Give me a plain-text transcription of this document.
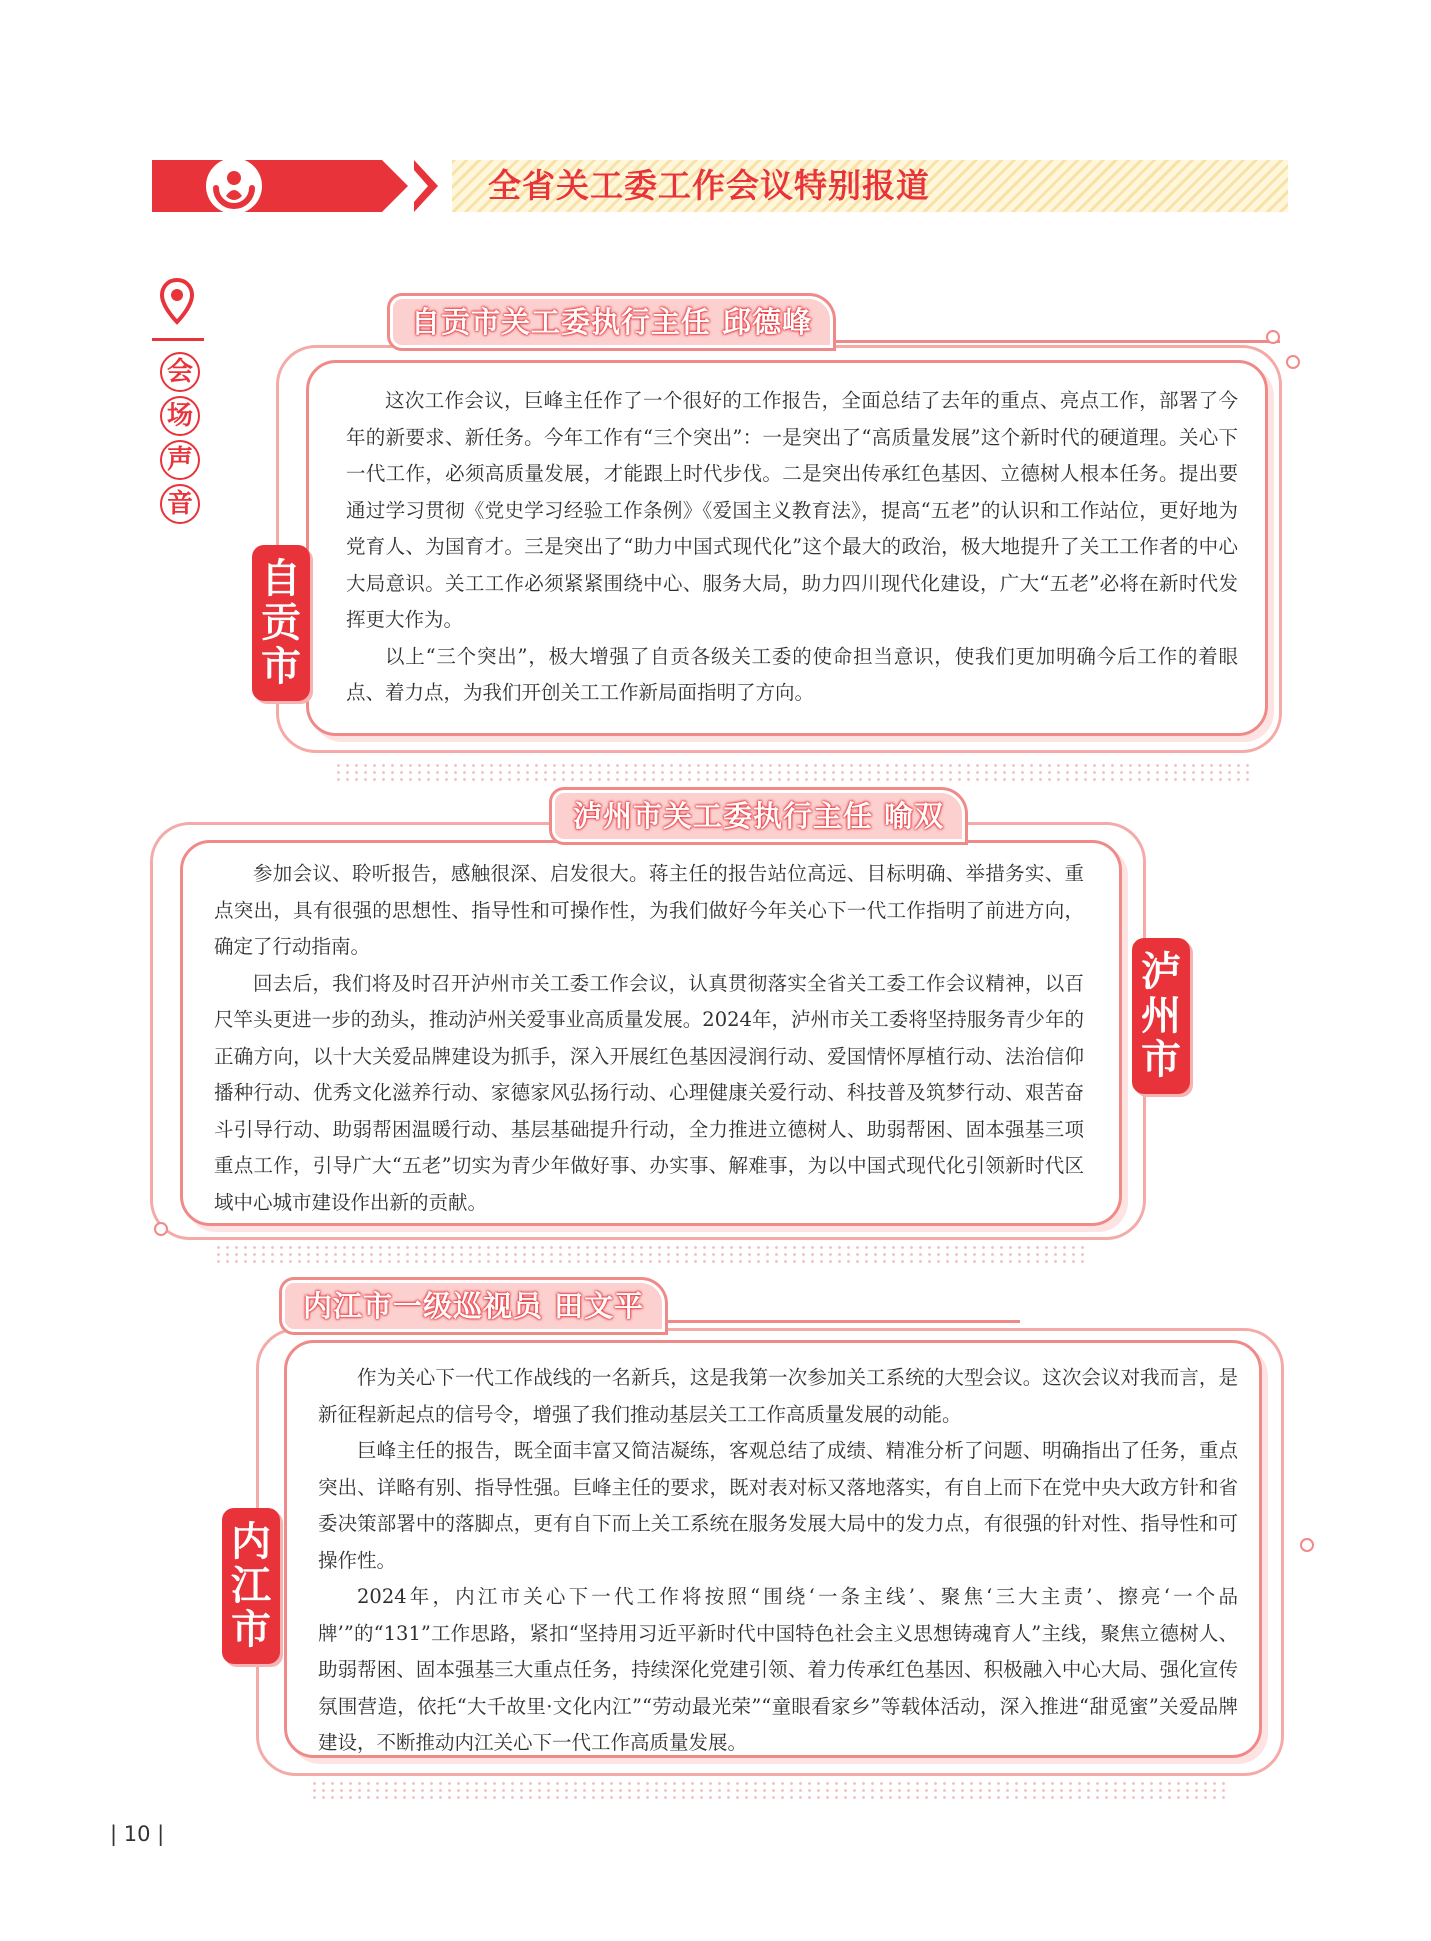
全省关工委工作会议特别报道
会
场
声
音
自贡市关工委执行主任 邱德峰
自
贡
市

这次工作会议，巨峰主任作了一个很好的工作报告，全面总结了去年的重点、亮点工作，部署了今年的新要求、新任务。今年工作有“三个突出”：一是突出了“高质量发展”这个新时代的硬道理。关心下一代工作，必须高质量发展，才能跟上时代步伐。二是突出传承红色基因、立德树人根本任务。提出要通过学习贯彻《党史学习经验工作条例》《爱国主义教育法》，提高“五老”的认识和工作站位，更好地为党育人、为国育才。三是突出了“助力中国式现代化”这个最大的政治，极大地提升了关工工作者的中心大局意识。关工工作必须紧紧围绕中心、服务大局，助力四川现代化建设，广大“五老”必将在新时代发挥更大作为。

以上“三个突出”，极大增强了自贡各级关工委的使命担当意识，使我们更加明确今后工作的着眼点、着力点，为我们开创关工工作新局面指明了方向。

泸州市关工委执行主任 喻双
泸
州
市

参加会议、聆听报告，感触很深、启发很大。蒋主任的报告站位高远、目标明确、举措务实、重点突出，具有很强的思想性、指导性和可操作性，为我们做好今年关心下一代工作指明了前进方向，确定了行动指南。

回去后，我们将及时召开泸州市关工委工作会议，认真贯彻落实全省关工委工作会议精神，以百尺竿头更进一步的劲头，推动泸州关爱事业高质量发展。2024年，泸州市关工委将坚持服务青少年的正确方向，以十大关爱品牌建设为抓手，深入开展红色基因浸润行动、爱国情怀厚植行动、法治信仰播种行动、优秀文化滋养行动、家德家风弘扬行动、心理健康关爱行动、科技普及筑梦行动、艰苦奋斗引导行动、助弱帮困温暖行动、基层基础提升行动，全力推进立德树人、助弱帮困、固本强基三项重点工作，引导广大“五老”切实为青少年做好事、办实事、解难事，为以中国式现代化引领新时代区域中心城市建设作出新的贡献。

内江市一级巡视员 田文平
内
江
市

作为关心下一代工作战线的一名新兵，这是我第一次参加关工系统的大型会议。这次会议对我而言，是新征程新起点的信号令，增强了我们推动基层关工工作高质量发展的动能。

巨峰主任的报告，既全面丰富又简洁凝练，客观总结了成绩、精准分析了问题、明确指出了任务，重点突出、详略有别、指导性强。巨峰主任的要求，既对表对标又落地落实，有自上而下在党中央大政方针和省委决策部署中的落脚点，更有自下而上关工系统在服务发展大局中的发力点，有很强的针对性、指导性和可操作性。

2024年，内江市关心下一代工作将按照“围绕‘一条主线’、聚焦‘三大主责’、擦亮‘一个品牌’”的“131”工作思路，紧扣“坚持用习近平新时代中国特色社会主义思想铸魂育人”主线，聚焦立德树人、助弱帮困、固本强基三大重点任务，持续深化党建引领、着力传承红色基因、积极融入中心大局、强化宣传氛围营造，依托“大千故里·文化内江”“劳动最光荣”“童眼看家乡”等载体活动，深入推进“甜觅蜜”关爱品牌建设，不断推动内江关心下一代工作高质量发展。

| 10 |
